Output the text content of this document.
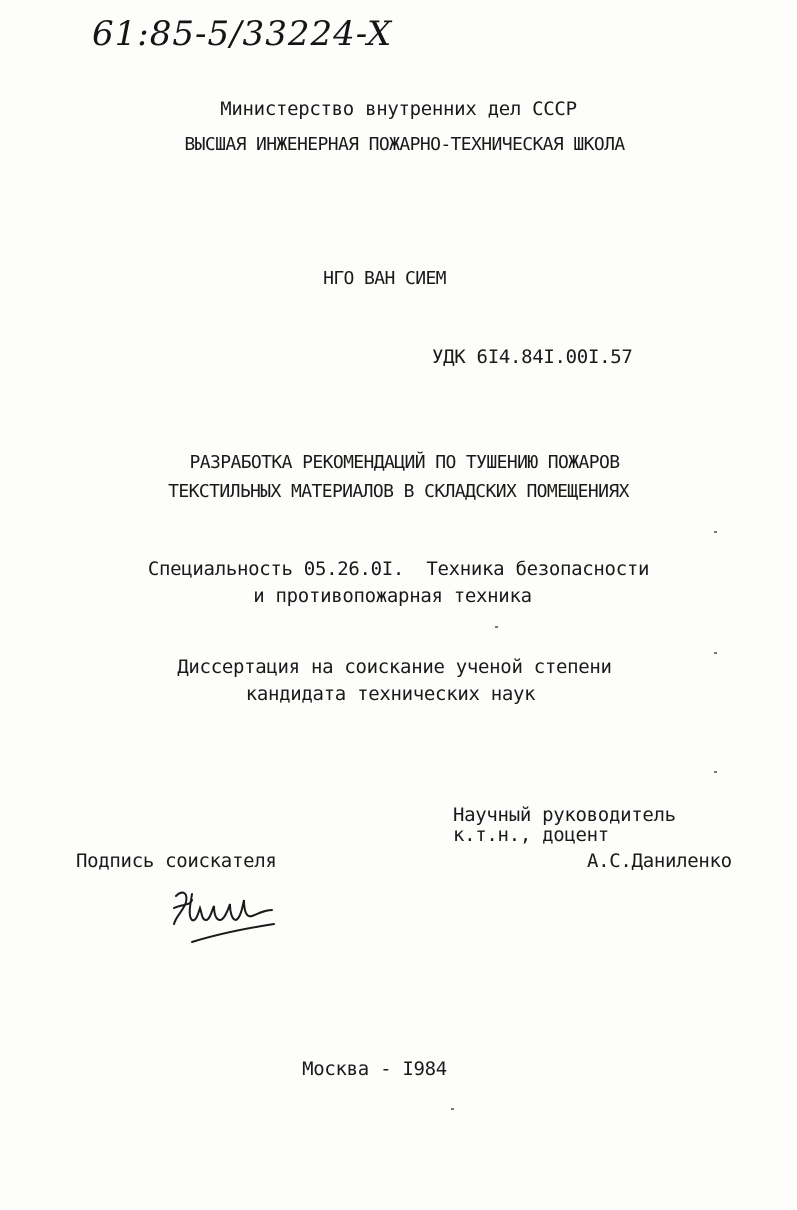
61:85-5/33224-X
Министерство внутренних дел СССР
ВЫСШАЯ ИНЖЕНЕРНАЯ ПОЖАРНО-ТЕХНИЧЕСКАЯ ШКОЛА
НГО ВАН СИЕМ
УДК 6I4.84I.00I.57
РАЗРАБОТКА РЕКОМЕНДАЦИЙ ПО ТУШЕНИЮ ПОЖАРОВ
ТЕКСТИЛЬНЫХ МАТЕРИАЛОВ В СКЛАДСКИХ ПОМЕЩЕНИЯХ
Специальность 05.26.0I.  Техника безопасности
и противопожарная техника
Диссертация на соискание ученой степени
кандидата технических наук
Научный руководитель
к.т.н., доцент
А.С.Даниленко
Подпись соискателя
Москва - I984
